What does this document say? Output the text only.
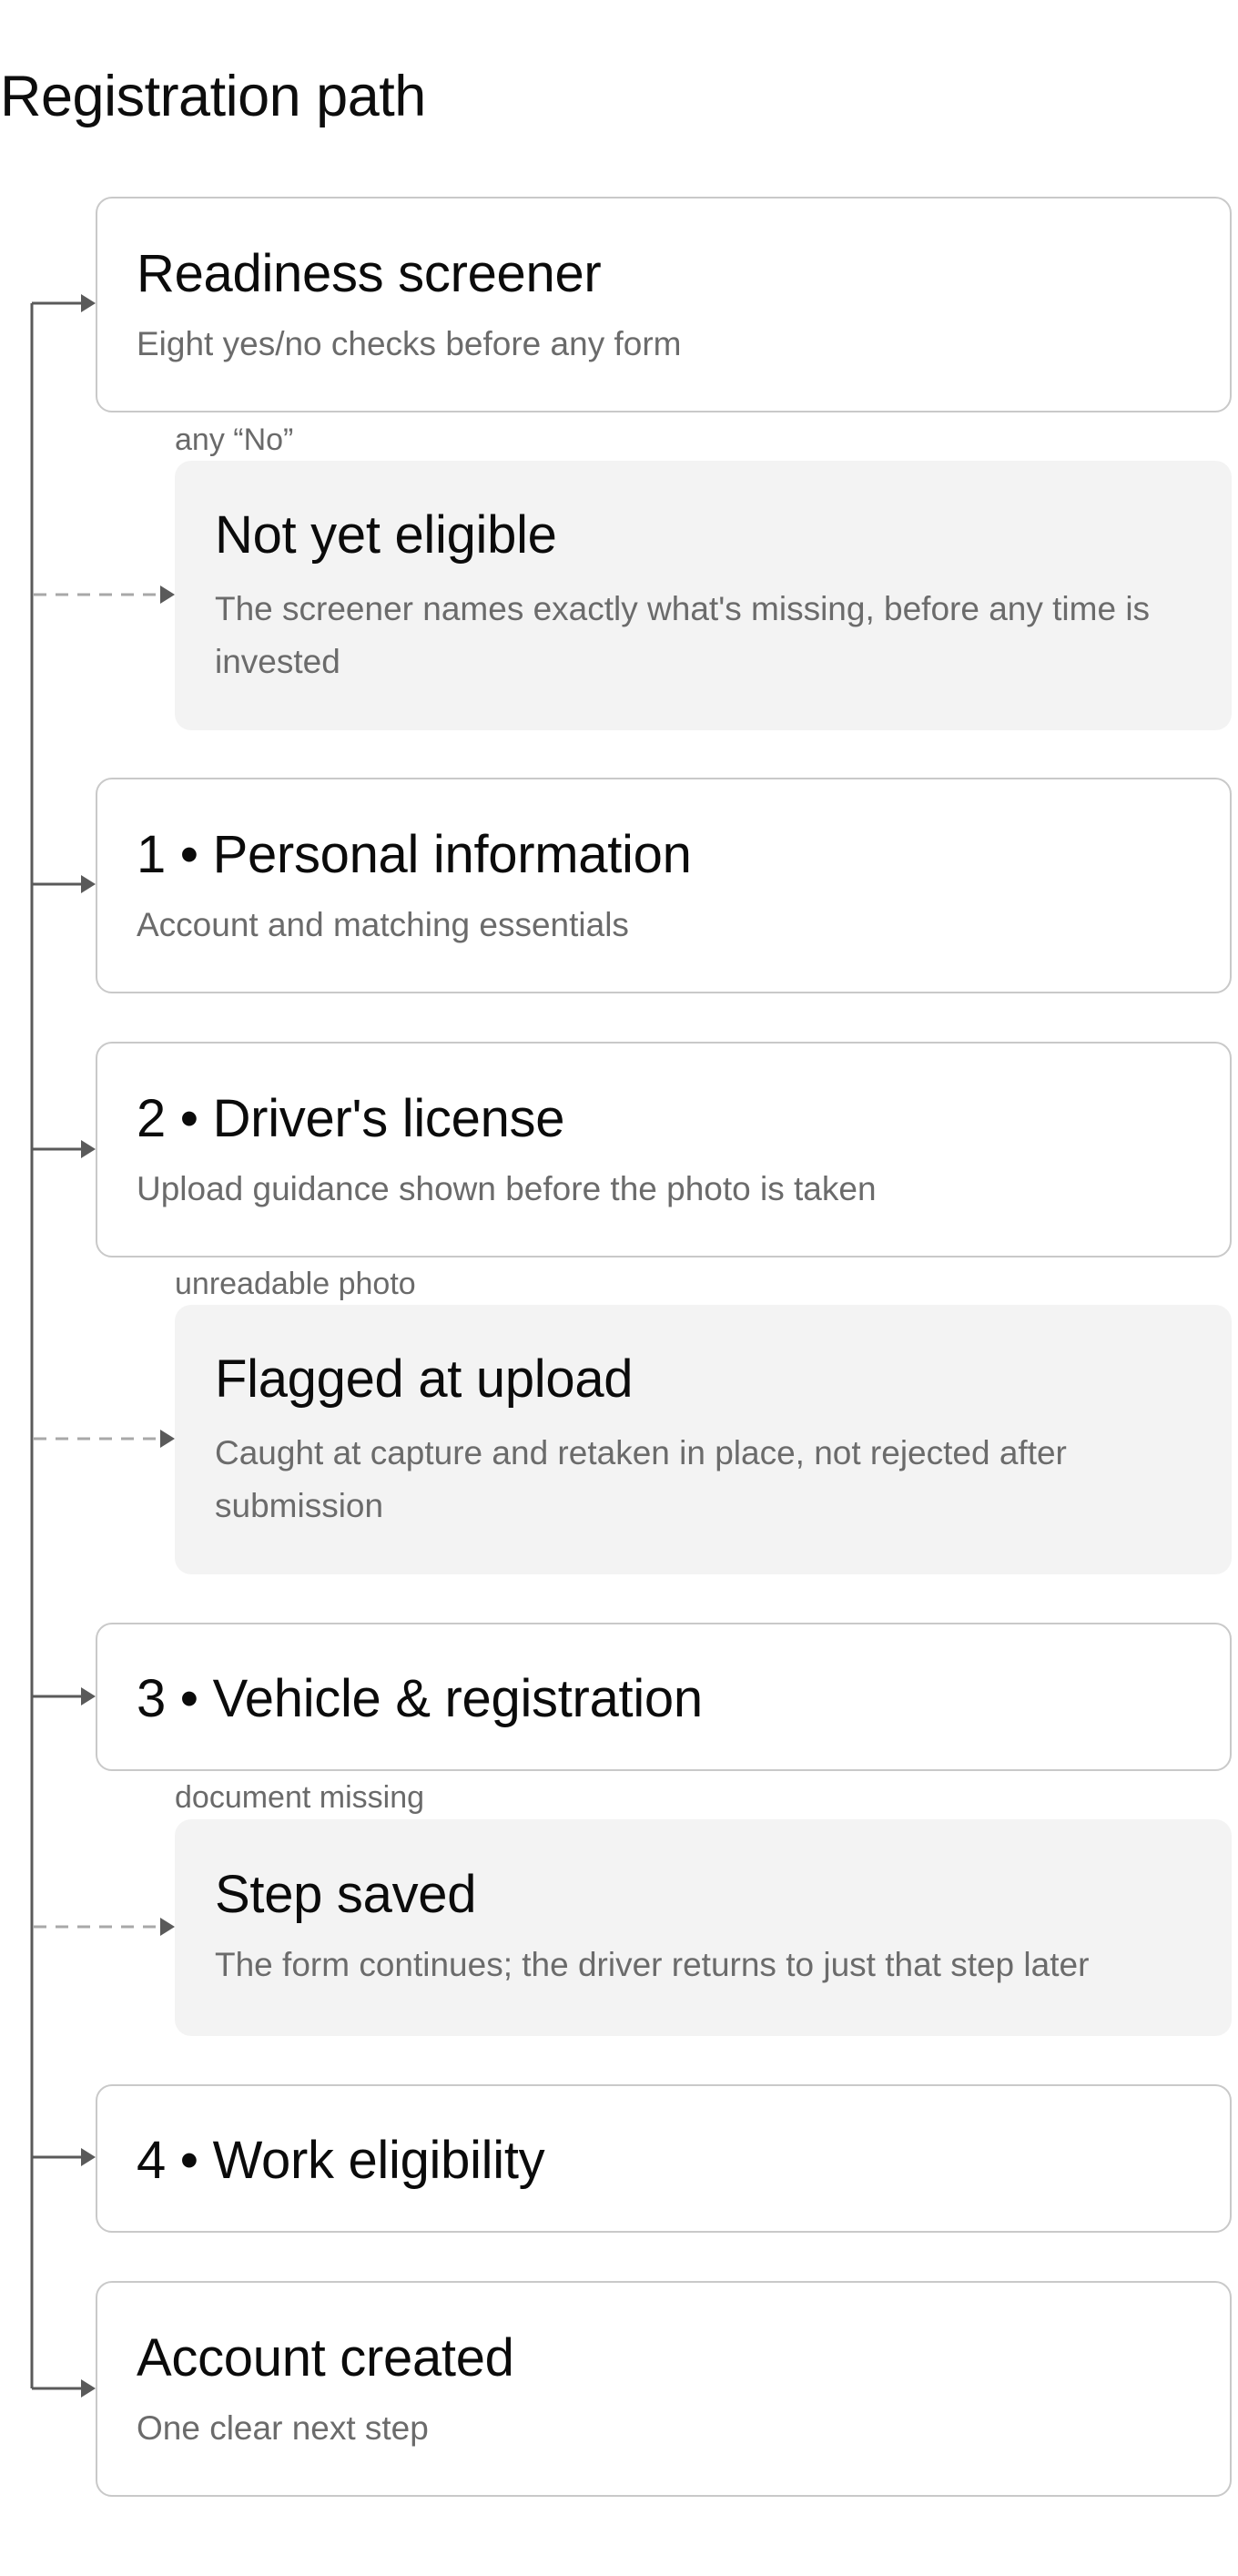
Registration path
Readiness screener

Eight yes/no checks before any form

any “No”

Not yet eligible

The screener names exactly what's missing, before any time is invested

1 • Personal information

Account and matching essentials

2 • Driver's license

Upload guidance shown before the photo is taken

unreadable photo

Flagged at upload

Caught at capture and retaken in place, not rejected after submission

3 • Vehicle & registration

document missing

Step saved

The form continues; the driver returns to just that step later

4 • Work eligibility
Account created

One clear next step
